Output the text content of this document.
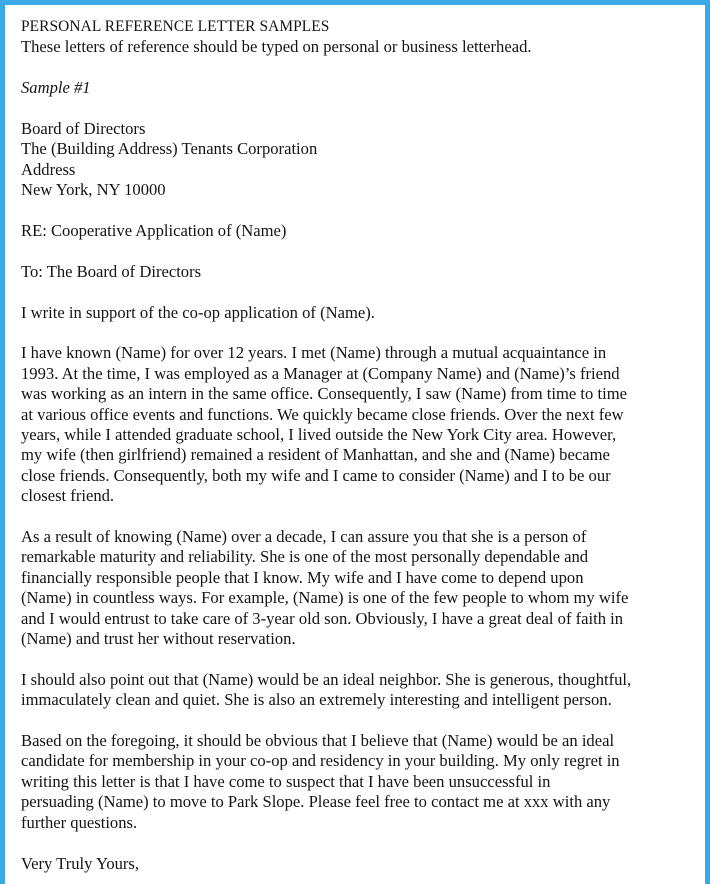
PERSONAL REFERENCE LETTER SAMPLES
These letters of reference should be typed on personal or business letterhead.
Sample #1
Board of Directors
The (Building Address) Tenants Corporation
Address
New York, NY 10000
RE: Cooperative Application of (Name)
To: The Board of Directors
I write in support of the co-op application of (Name).
I have known (Name) for over 12 years. I met (Name) through a mutual acquaintance in
1993. At the time, I was employed as a Manager at (Company Name) and (Name)’s friend
was working as an intern in the same office. Consequently, I saw (Name) from time to time
at various office events and functions. We quickly became close friends. Over the next few
years, while I attended graduate school, I lived outside the New York City area. However,
my wife (then girlfriend) remained a resident of Manhattan, and she and (Name) became
close friends. Consequently, both my wife and I came to consider (Name) and I to be our
closest friend.
As a result of knowing (Name) over a decade, I can assure you that she is a person of
remarkable maturity and reliability. She is one of the most personally dependable and
financially responsible people that I know. My wife and I have come to depend upon
(Name) in countless ways. For example, (Name) is one of the few people to whom my wife
and I would entrust to take care of 3-year old son. Obviously, I have a great deal of faith in
(Name) and trust her without reservation.
I should also point out that (Name) would be an ideal neighbor. She is generous, thoughtful,
immaculately clean and quiet. She is also an extremely interesting and intelligent person.
Based on the foregoing, it should be obvious that I believe that (Name) would be an ideal
candidate for membership in your co-op and residency in your building. My only regret in
writing this letter is that I have come to suspect that I have been unsuccessful in
persuading (Name) to move to Park Slope. Please feel free to contact me at xxx with any
further questions.
Very Truly Yours,
